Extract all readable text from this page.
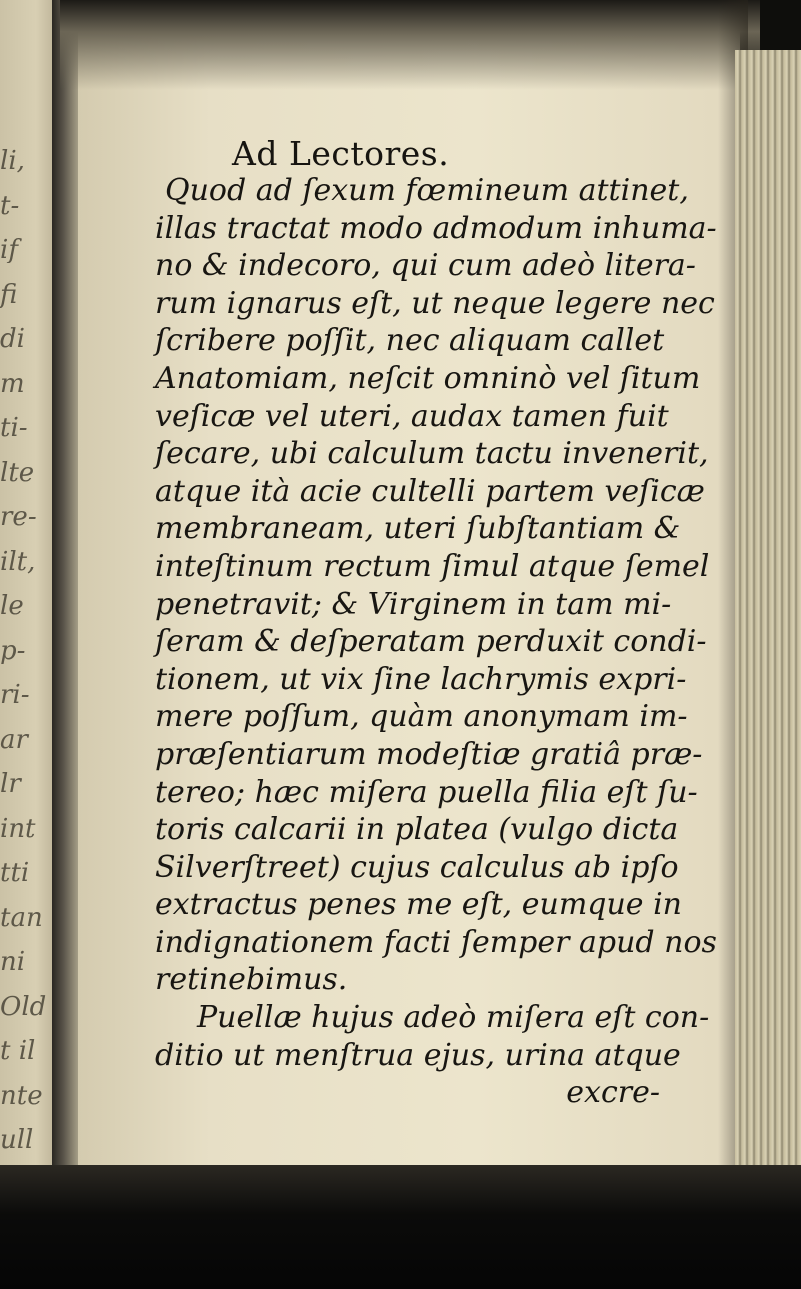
li,
t-
if
fi
di
m
ti-
lte
re-
ilt,
le
p-
ri-
ar
lr
int
tti
tan
ni
Old
t il
nte
ull
Ad Lectores.
Quod ad ſexum fœmineum attinet,
illas tractat modo admodum inhuma-
no & indecoro, qui cum adeò litera-
rum ignarus eſt, ut neque legere nec
ſcribere poſſit, nec aliquam callet
Anatomiam, neſcit omninò vel ſitum
veſicæ vel uteri, audax tamen fuit
ſecare, ubi calculum tactu invenerit,
atque ità acie cultelli partem veſicæ
membraneam, uteri ſubſtantiam &
inteſtinum rectum ſimul atque ſemel
penetravit; & Virginem in tam mi-
ſeram & deſperatam perduxit condi-
tionem, ut vix ſine lachrymis expri-
mere poſſum, quàm anonymam im-
præſentiarum modeſtiæ gratiâ præ-
tereo; hæc miſera puella filia eſt ſu-
toris calcarii in platea (vulgo dicta
Silverſtreet) cujus calculus ab ipſo
extractus penes me eſt, eumque in
indignationem facti ſemper apud nos
retinebimus.
Puellæ hujus adeò miſera eſt con-
ditio ut menſtrua ejus, urina atque
excre-
